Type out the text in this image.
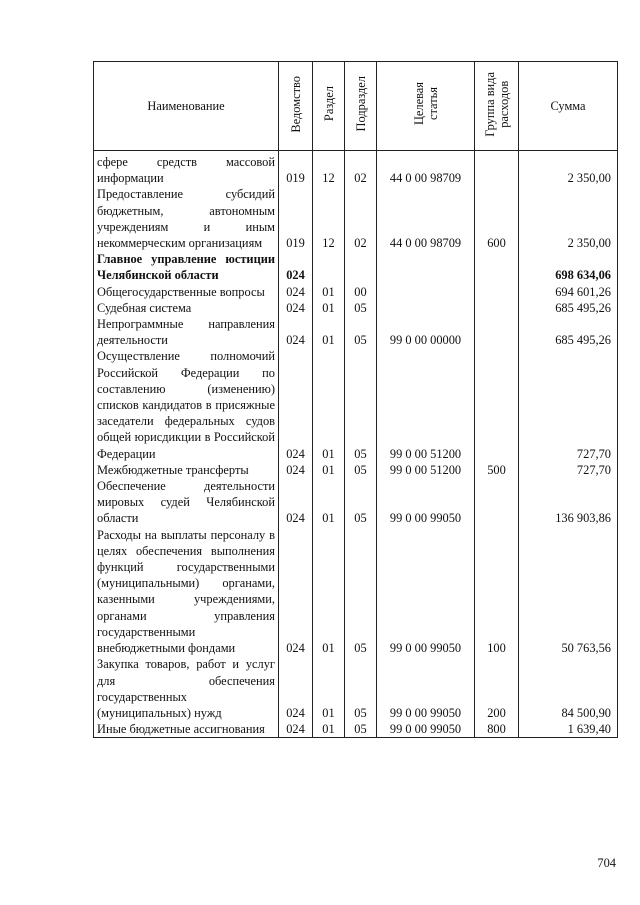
Наименование	Ведомство	Раздел	Подраздел	Целевая
статья	Группа вида
расходов	Сумма
сфере средств массовой информации	019	12	02	44 0 00 98709		2 350,00
Предоставление субсидий бюджетным, автономным учреждениям и иным некоммерческим организациям	019	12	02	44 0 00 98709	600	2 350,00
Главное управление юстиции Челябинской области	024					698 634,06
Общегосударственные вопросы	024	01	00			694 601,26
Судебная система	024	01	05			685 495,26
Непрограммные направления деятельности	024	01	05	99 0 00 00000		685 495,26
Осуществление полномочий Российской Федерации по составлению (изменению) списков кандидатов в присяжные заседатели федеральных судов общей юрисдикции в Российской Федерации	024	01	05	99 0 00 51200		727,70
Межбюджетные трансферты	024	01	05	99 0 00 51200	500	727,70
Обеспечение деятельности мировых судей Челябинской области	024	01	05	99 0 00 99050		136 903,86
Расходы на выплаты персоналу в целях обеспечения выполнения функций государственными (муниципальными) органами, казенными учреждениями, органами управления государственными внебюджетными фондами	024	01	05	99 0 00 99050	100	50 763,56
Закупка товаров, работ и услуг для обеспечения государственных (муниципальных) нужд	024	01	05	99 0 00 99050	200	84 500,90
Иные бюджетные ассигнования	024	01	05	99 0 00 99050	800	1 639,40
704
